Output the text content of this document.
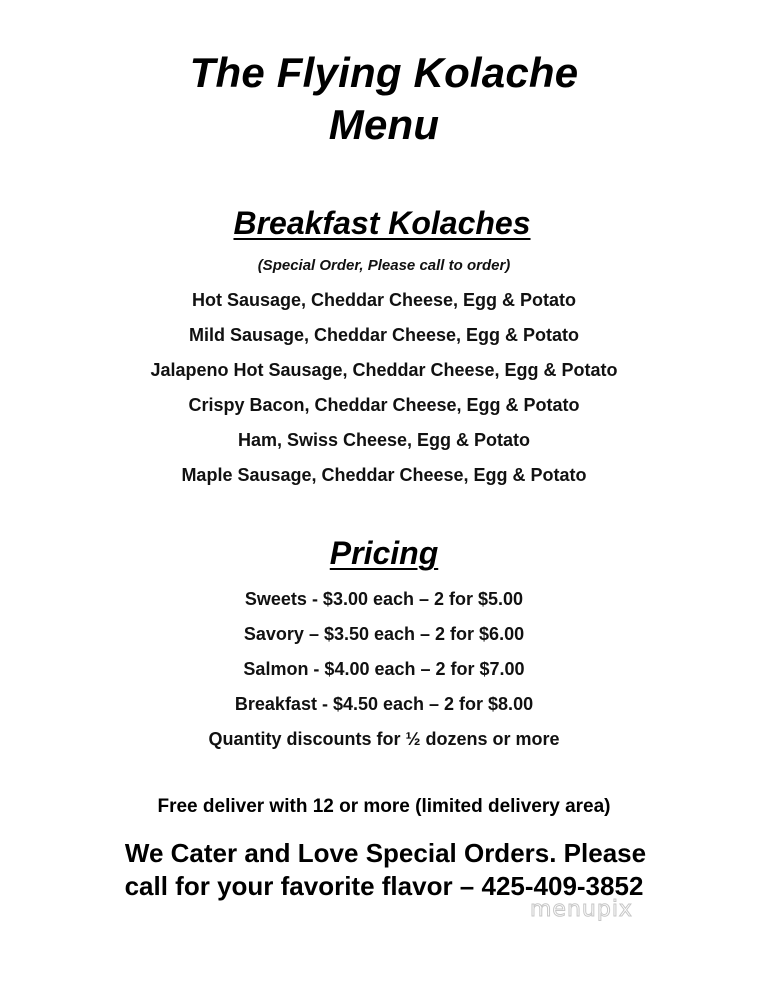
The Flying Kolache
Menu
Breakfast Kolaches
(Special Order, Please call to order)
Hot Sausage, Cheddar Cheese, Egg & Potato
Mild Sausage, Cheddar Cheese, Egg & Potato
Jalapeno Hot Sausage, Cheddar Cheese, Egg & Potato
Crispy Bacon, Cheddar Cheese, Egg & Potato
Ham, Swiss Cheese, Egg & Potato
Maple Sausage, Cheddar Cheese, Egg & Potato
Pricing
Sweets - $3.00 each – 2 for $5.00
Savory – $3.50 each – 2 for $6.00
Salmon - $4.00 each – 2 for $7.00
Breakfast - $4.50 each – 2 for $8.00
Quantity discounts for ½ dozens or more
Free deliver with 12 or more (limited delivery area)
We Cater and Love Special Orders. Please
call for your favorite flavor – 425-409-3852
menupix
